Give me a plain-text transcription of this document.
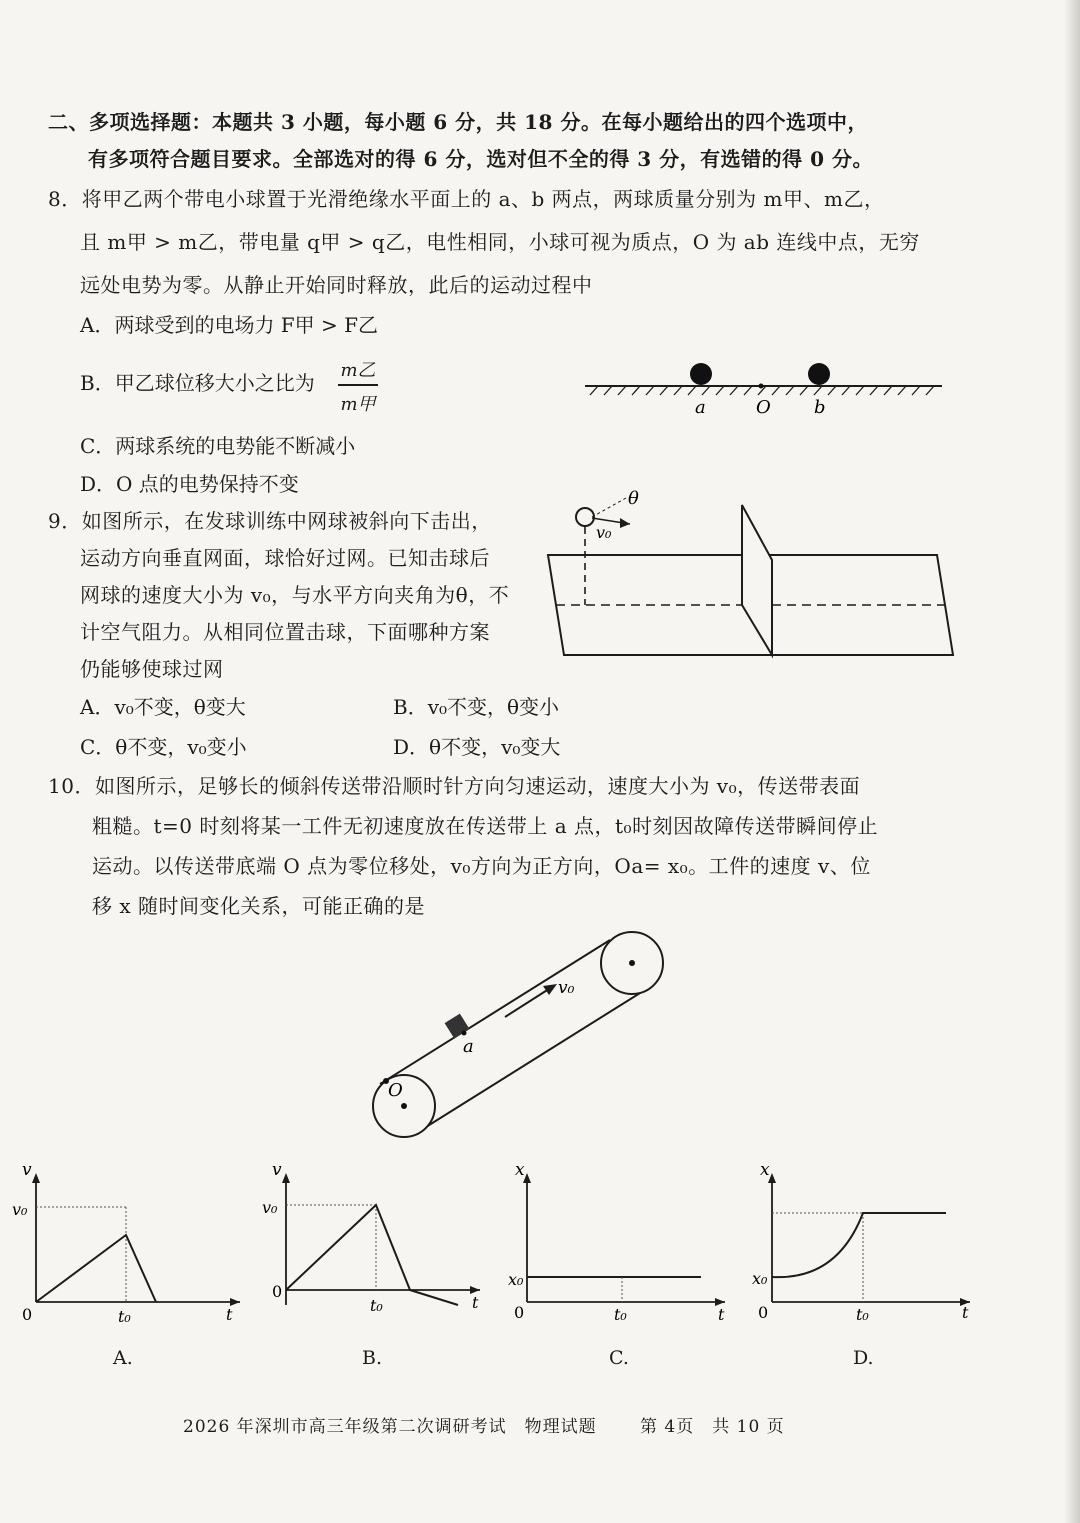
二、多项选择题：本题共 3 小题，每小题 6 分，共 18 分。在每小题给出的四个选项中，
有多项符合题目要求。全部选对的得 6 分，选对但不全的得 3 分，有选错的得 0 分。
8．将甲乙两个带电小球置于光滑绝缘水平面上的 a、b 两点，两球质量分别为 m甲、m乙，
且 m甲 > m乙，带电量 q甲 > q乙，电性相同，小球可视为质点，O 为 ab 连线中点，无穷
远处电势为零。从静止开始同时释放，此后的运动过程中
A．两球受到的电场力 F甲 > F乙
B．甲乙球位移大小之比为
m乙
m甲
C．两球系统的电势能不断减小
D．O 点的电势保持不变
a	O b
9．如图所示，在发球训练中网球被斜向下击出，
运动方向垂直网面，球恰好过网。已知击球后
网球的速度大小为 v₀，与水平方向夹角为θ，不
计空气阻力。从相同位置击球，下面哪种方案
仍能够使球过网
A．v₀不变，θ变大	B．v₀不变，θ变小
C．θ不变，v₀变小	D．θ不变，v₀变大
θ
v₀
10．如图所示，足够长的倾斜传送带沿顺时针方向匀速运动，速度大小为 v₀，传送带表面
粗糙。t=0 时刻将某一工件无初速度放在传送带上 a 点，t₀时刻因故障传送带瞬间停止
运动。以传送带底端 O 点为零位移处，v₀方向为正方向，Oa= x₀。工件的速度 v、位
移 x 随时间变化关系，可能正确的是
v₀
a
O
v
v₀
0	t₀	t
A.
v
v₀
0
t₀	t
B.
x
x₀
0	t₀	t
C.
x
x₀
0	t₀	t
D.
2026 年深圳市高三年级第二次调研考试　物理试题	第 4页　共 10 页
